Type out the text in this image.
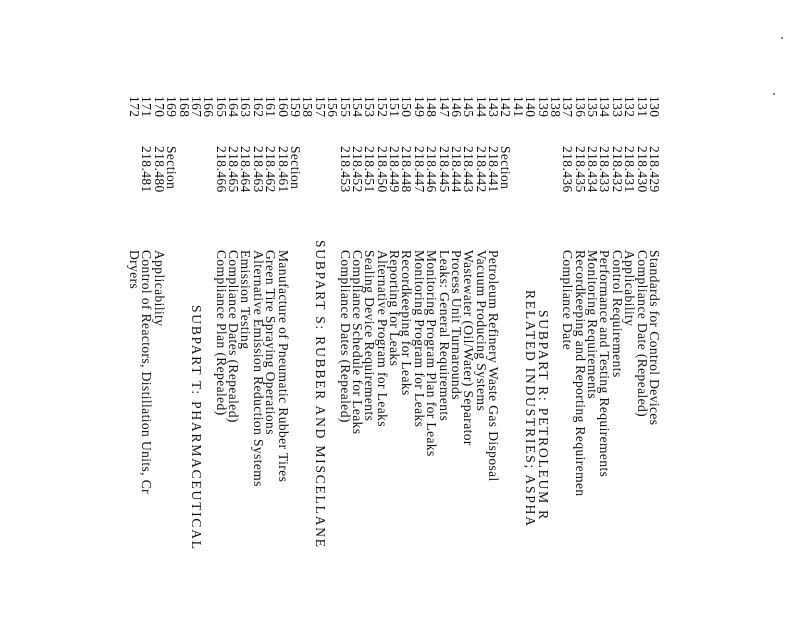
130
218.429
Standards for Control Devices
131
218.430
Compliance Date (Repealed)
132
218.431
Applicability
133
218.432
Control Requirements
134
218.433
Performance and Testing Requirements
135
218.434
Monitoring Requirements
136
218.435
Recordkeeping and Reporting Requiremen
137
218.436
Compliance Date
138
139
SUBPART R: PETROLEUM R
140
RELATED INDUSTRIES; ASPHA
141
142
Section
143
218.441
Petroleum Refinery Waste Gas Disposal
144
218.442
Vacuum Producing Systems
145
218.443
Wastewater (Oil/Water) Separator
146
218.444
Process Unit Turnarounds
147
218.445
Leaks: General Requirements
148
218.446
Monitoring Program Plan for Leaks
149
218.447
Monitoring Program for Leaks
150
218.448
Recordkeeping for Leaks
151
218.449
Reporting for Leaks
152
218.450
Alternative Program for Leaks
153
218.451
Sealing Device Requirements
154
218.452
Compliance Schedule for Leaks
155
218.453
Compliance Dates (Repealed)
156
157
SUBPART S: RUBBER AND MISCELLANE
158
159
Section
160
218.461
Manufacture of Pneumatic Rubber Tires
161
218.462
Green Tire Spraying Operations
162
218.463
Alternative Emission Reduction Systems
163
218.464
Emission Testing
164
218.465
Compliance Dates (Repealed)
165
218.466
Compliance Plan (Repealed)
166
167
SUBPART T: PHARMACEUTICAL
168
169
Section
170
218.480
Applicability
171
218.481
Control of Reactors, Distillation Units, Cr
172
Dryers
